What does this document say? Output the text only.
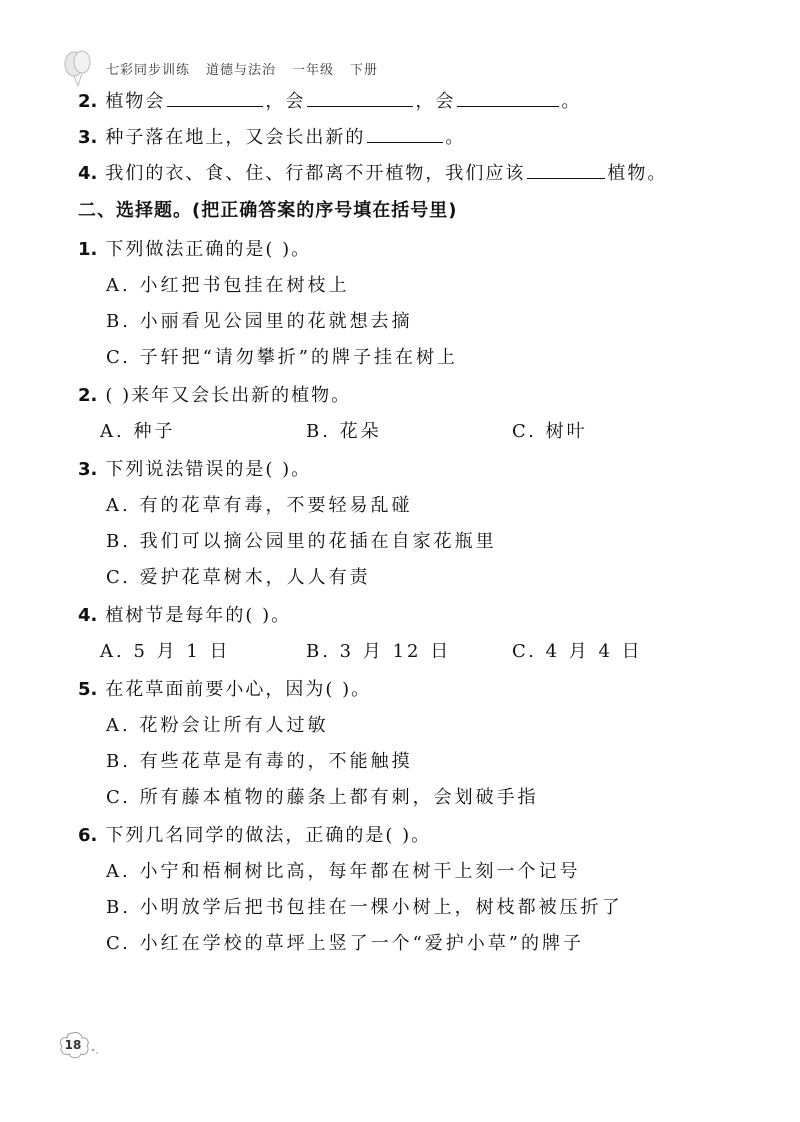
七彩同步训练 道德与法治 一年级 下册
2. 植物会	，会	，会	。
3. 种子落在地上，又会长出新的	。
4. 我们的衣、食、住、行都离不开植物，我们应该	植物。
二、选择题。(把正确答案的序号填在括号里)
1. 下列做法正确的是( )。
A. 小红把书包挂在树枝上
B. 小丽看见公园里的花就想去摘
C. 子轩把“请勿攀折”的牌子挂在树上
2. ( )来年又会长出新的植物。
A. 种子	B. 花朵	C. 树叶
3. 下列说法错误的是( )。
A. 有的花草有毒，不要轻易乱碰
B. 我们可以摘公园里的花插在自家花瓶里
C. 爱护花草树木，人人有责
4. 植树节是每年的( )。
A. 5 月 1 日	B. 3 月 12 日	C. 4 月 4 日
5. 在花草面前要小心，因为( )。
A. 花粉会让所有人过敏
B. 有些花草是有毒的，不能触摸
C. 所有藤本植物的藤条上都有刺，会划破手指
6. 下列几名同学的做法，正确的是( )。
A. 小宁和梧桐树比高，每年都在树干上刻一个记号
B. 小明放学后把书包挂在一棵小树上，树枝都被压折了
C. 小红在学校的草坪上竖了一个“爱护小草”的牌子
18
